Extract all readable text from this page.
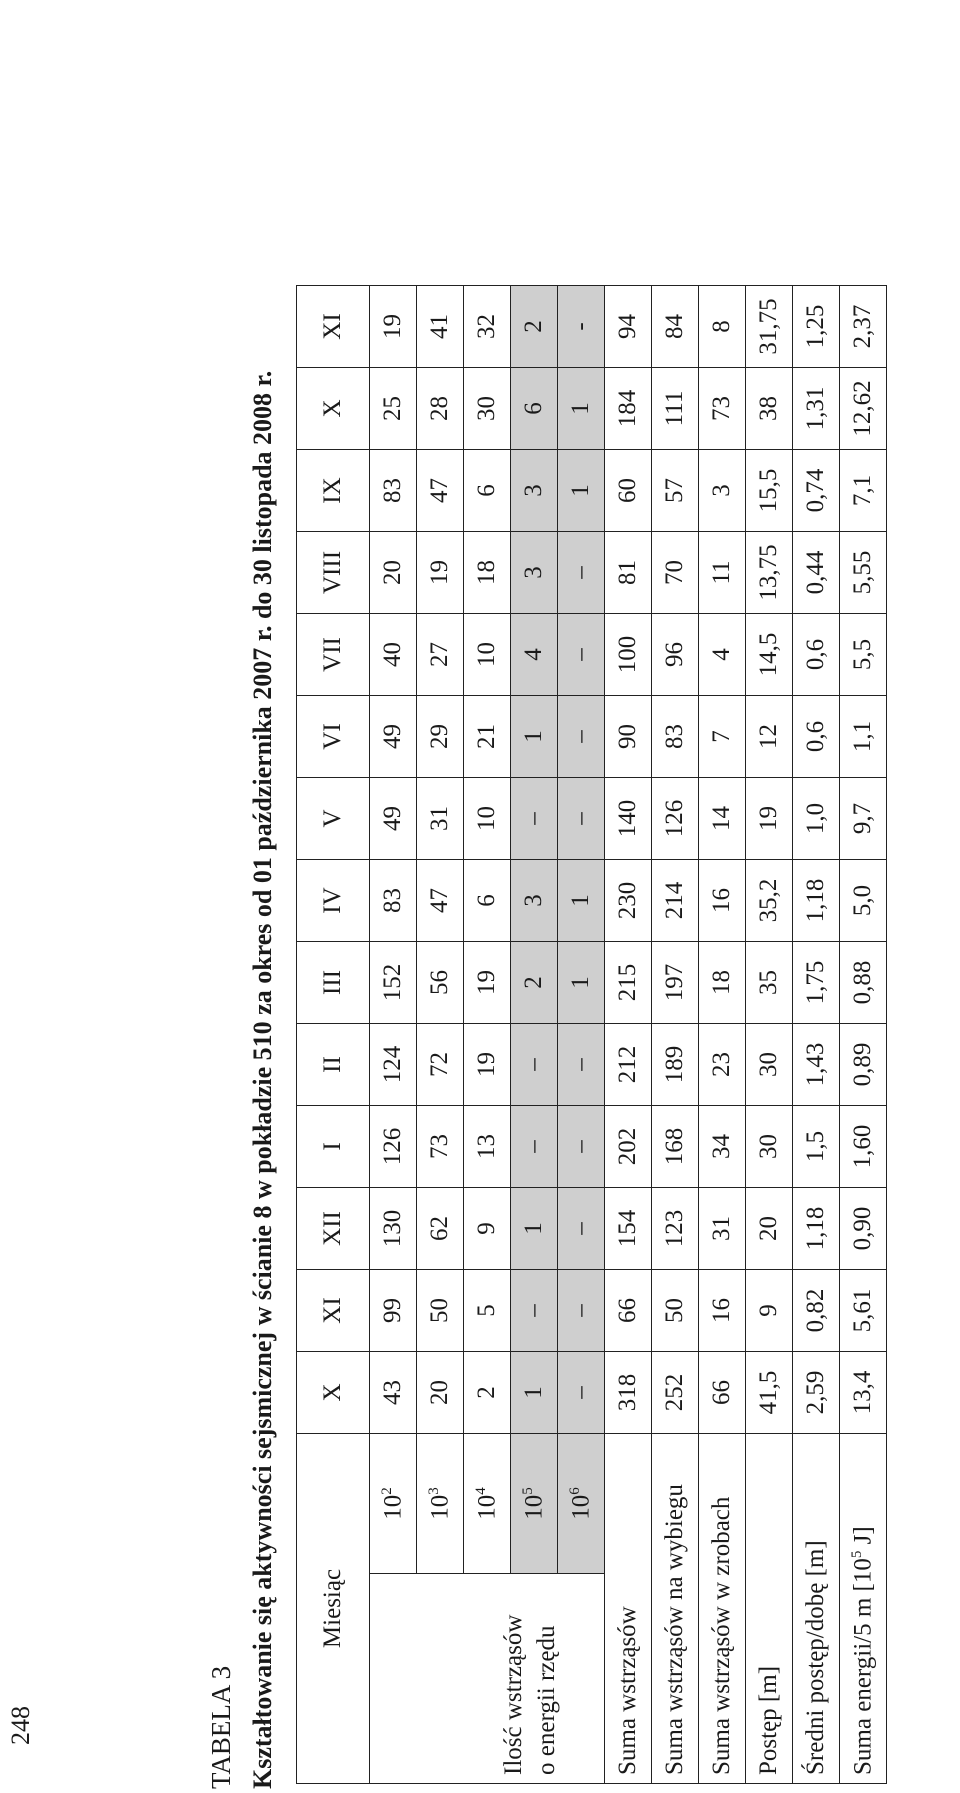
248	TABELA 3 Kształtowanie się aktywności sejsmicznej w ścianie 8 w pokładzie 510 za okres od 01 października 2007 r. do 30 listopada 2008 r. Miesiąc		X	XI	XII	I	II	III	IV	V	VI	VII	VIII	IX	X	XI
Ilość wstrząsów o energii rzędu	$10^2$	43	99	130	126	124	152	83	49	49	40	20	83	25	19
	$10^3$	20	50	62	73	72	56	47	31	29	27	19	47	28	41
	$10^4$	2	5	9	13	19	19	6	10	21	10	18	6	30	32
	$10^5$	1	–	1	–	–	2	3	–	1	4	3	3	6	2
	$10^6$	–	–	–	–	–	1	1	–	–	–	–	1	1	-
Suma wstrząsów		318	66	154	202	212	215	230	140	90	100	81	60	184	94
Suma wstrząsów na wybiegu		252	50	123	168	189	197	214	126	83	96	70	57	111	84
Suma wstrząsów w zrobach		66	16	31	34	23	18	16	14	7	4	11	3	73	8
Postęp [m]		41,5	9	20	30	30	35	35,2	19	12	14,5	13,75	15,5	38	31,75
Średni postęp/dobę [m]		2,59	0,82	1,18	1,5	1,43	1,75	1,18	1,0	0,6	0,6	0,44	0,74	1,31	1,25
Suma energii/5 m [$10^5$ J]		13,4	5,61	0,90	1,60	0,89	0,88	5,0	9,7	1,1	5,5	5,55	7,1	12,62	2,37
